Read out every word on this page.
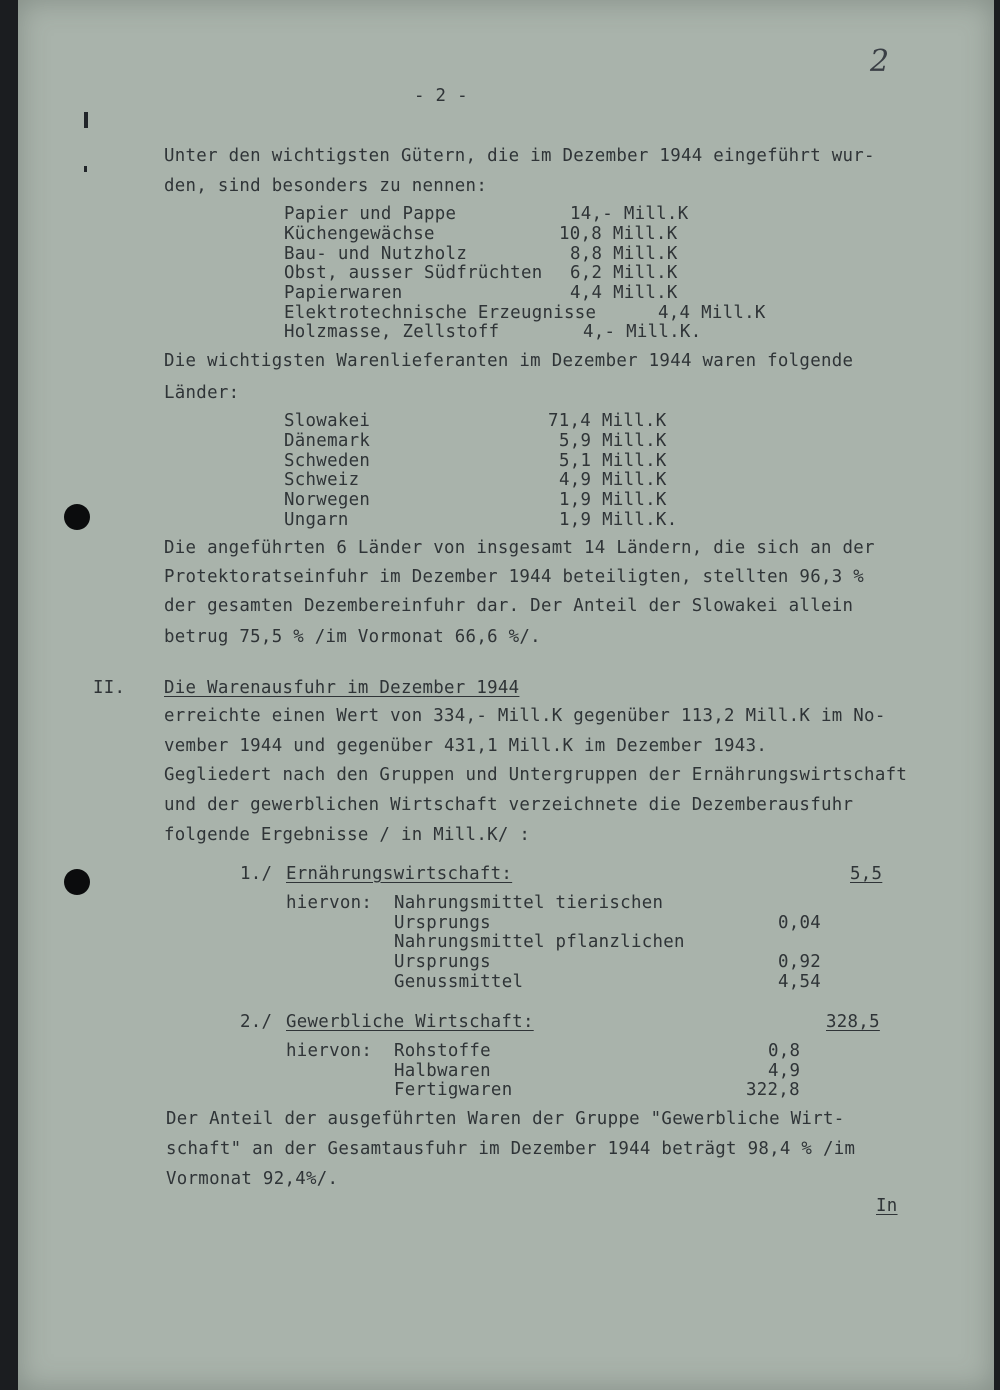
2
- 2 -
Unter den wichtigsten Gütern, die im Dezember 1944 eingeführt wur-
den, sind besonders zu nennen:
Papier und Pappe	14,- Mill.K
Küchengewächse	10,8 Mill.K
Bau- und Nutzholz	8,8 Mill.K
Obst, ausser Südfrüchten 6,2 Mill.K
Papierwaren	4,4 Mill.K
Elektrotechnische Erzeugnisse	4,4 Mill.K
Holzmasse, Zellstoff	4,- Mill.K.
Die wichtigsten Warenlieferanten im Dezember 1944 waren folgende
Länder:
Slowakei	71,4 Mill.K
Dänemark	5,9 Mill.K
Schweden	5,1 Mill.K
Schweiz	4,9 Mill.K
Norwegen	1,9 Mill.K
Ungarn	1,9 Mill.K.
Die angeführten 6 Länder von insgesamt 14 Ländern, die sich an der
Protektoratseinfuhr im Dezember 1944 beteiligten, stellten 96,3 %
der gesamten Dezembereinfuhr dar. Der Anteil der Slowakei allein
betrug 75,5 % /im Vormonat 66,6 %/.
II. Die Warenausfuhr im Dezember 1944
erreichte einen Wert von 334,- Mill.K gegenüber 113,2 Mill.K im No-
vember 1944 und gegenüber 431,1 Mill.K im Dezember 1943.
Gegliedert nach den Gruppen und Untergruppen der Ernährungswirtschaft
und der gewerblichen Wirtschaft verzeichnete die Dezemberausfuhr
folgende Ergebnisse / in Mill.K/ :
1./ Ernährungswirtschaft:	5,5
hiervon: Nahrungsmittel tierischen
Ursprungs	0,04
Nahrungsmittel pflanzlichen
Ursprungs	0,92
Genussmittel	4,54
2./ Gewerbliche Wirtschaft:	328,5
hiervon: Rohstoffe	0,8
Halbwaren	4,9
Fertigwaren	322,8
Der Anteil der ausgeführten Waren der Gruppe "Gewerbliche Wirt-
schaft" an der Gesamtausfuhr im Dezember 1944 beträgt 98,4 % /im
Vormonat 92,4%/.
In
